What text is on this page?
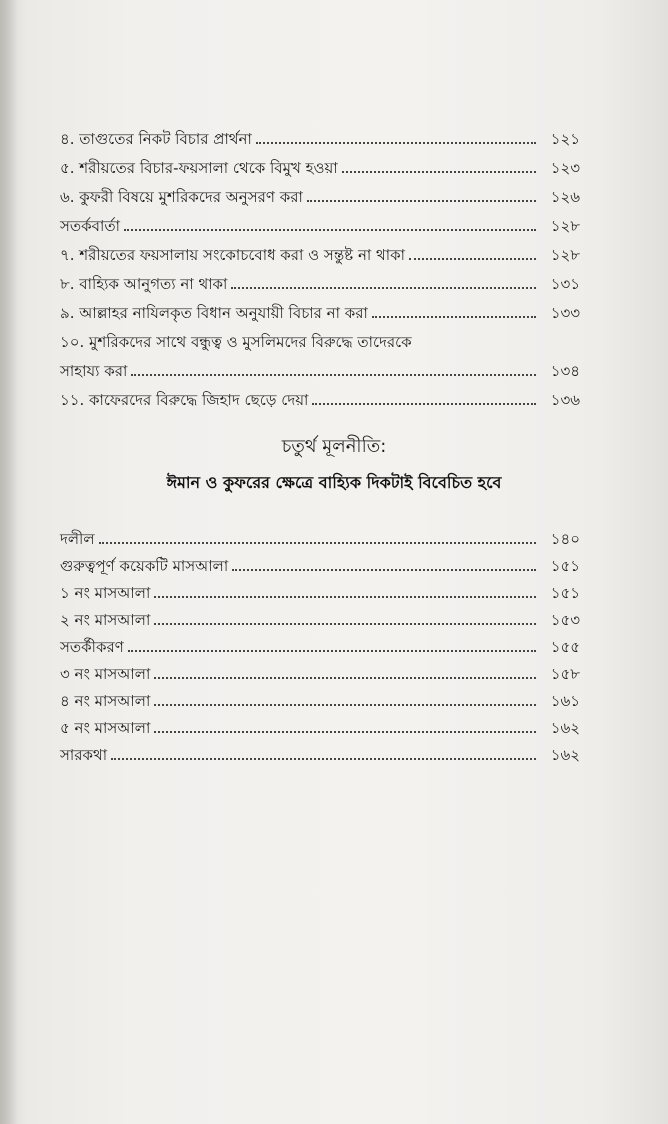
৪. তাগুতের নিকট বিচার প্রার্থনা	১২১
৫. শরীয়তের বিচার-ফয়সালা থেকে বিমুখ হওয়া	১২৩
৬. কুফরী বিষয়ে মুশরিকদের অনুসরণ করা	১২৬
সতর্কবার্তা	১২৮
৭. শরীয়তের ফয়সালায় সংকোচবোধ করা ও সন্তুষ্ট না থাকা	১২৮
৮. বাহ্যিক আনুগত্য না থাকা	১৩১
৯. আল্লাহর নাযিলকৃত বিধান অনুযায়ী বিচার না করা	১৩৩
১০. মুশরিকদের সাথে বন্ধুত্ব ও মুসলিমদের বিরুদ্ধে তাদেরকে
সাহায্য করা	১৩৪
১১. কাফেরদের বিরুদ্ধে জিহাদ ছেড়ে দেয়া	১৩৬
চতুর্থ মূলনীতি:
ঈমান ও কুফরের ক্ষেত্রে বাহ্যিক দিকটাই বিবেচিত হবে
দলীল	১৪০
গুরুত্বপূর্ণ কয়েকটি মাসআলা	১৫১
১ নং মাসআলা	১৫১
২ নং মাসআলা	১৫৩
সতর্কীকরণ	১৫৫
৩ নং মাসআলা	১৫৮
৪ নং মাসআলা	১৬১
৫ নং মাসআলা	১৬২
সারকথা	১৬২
